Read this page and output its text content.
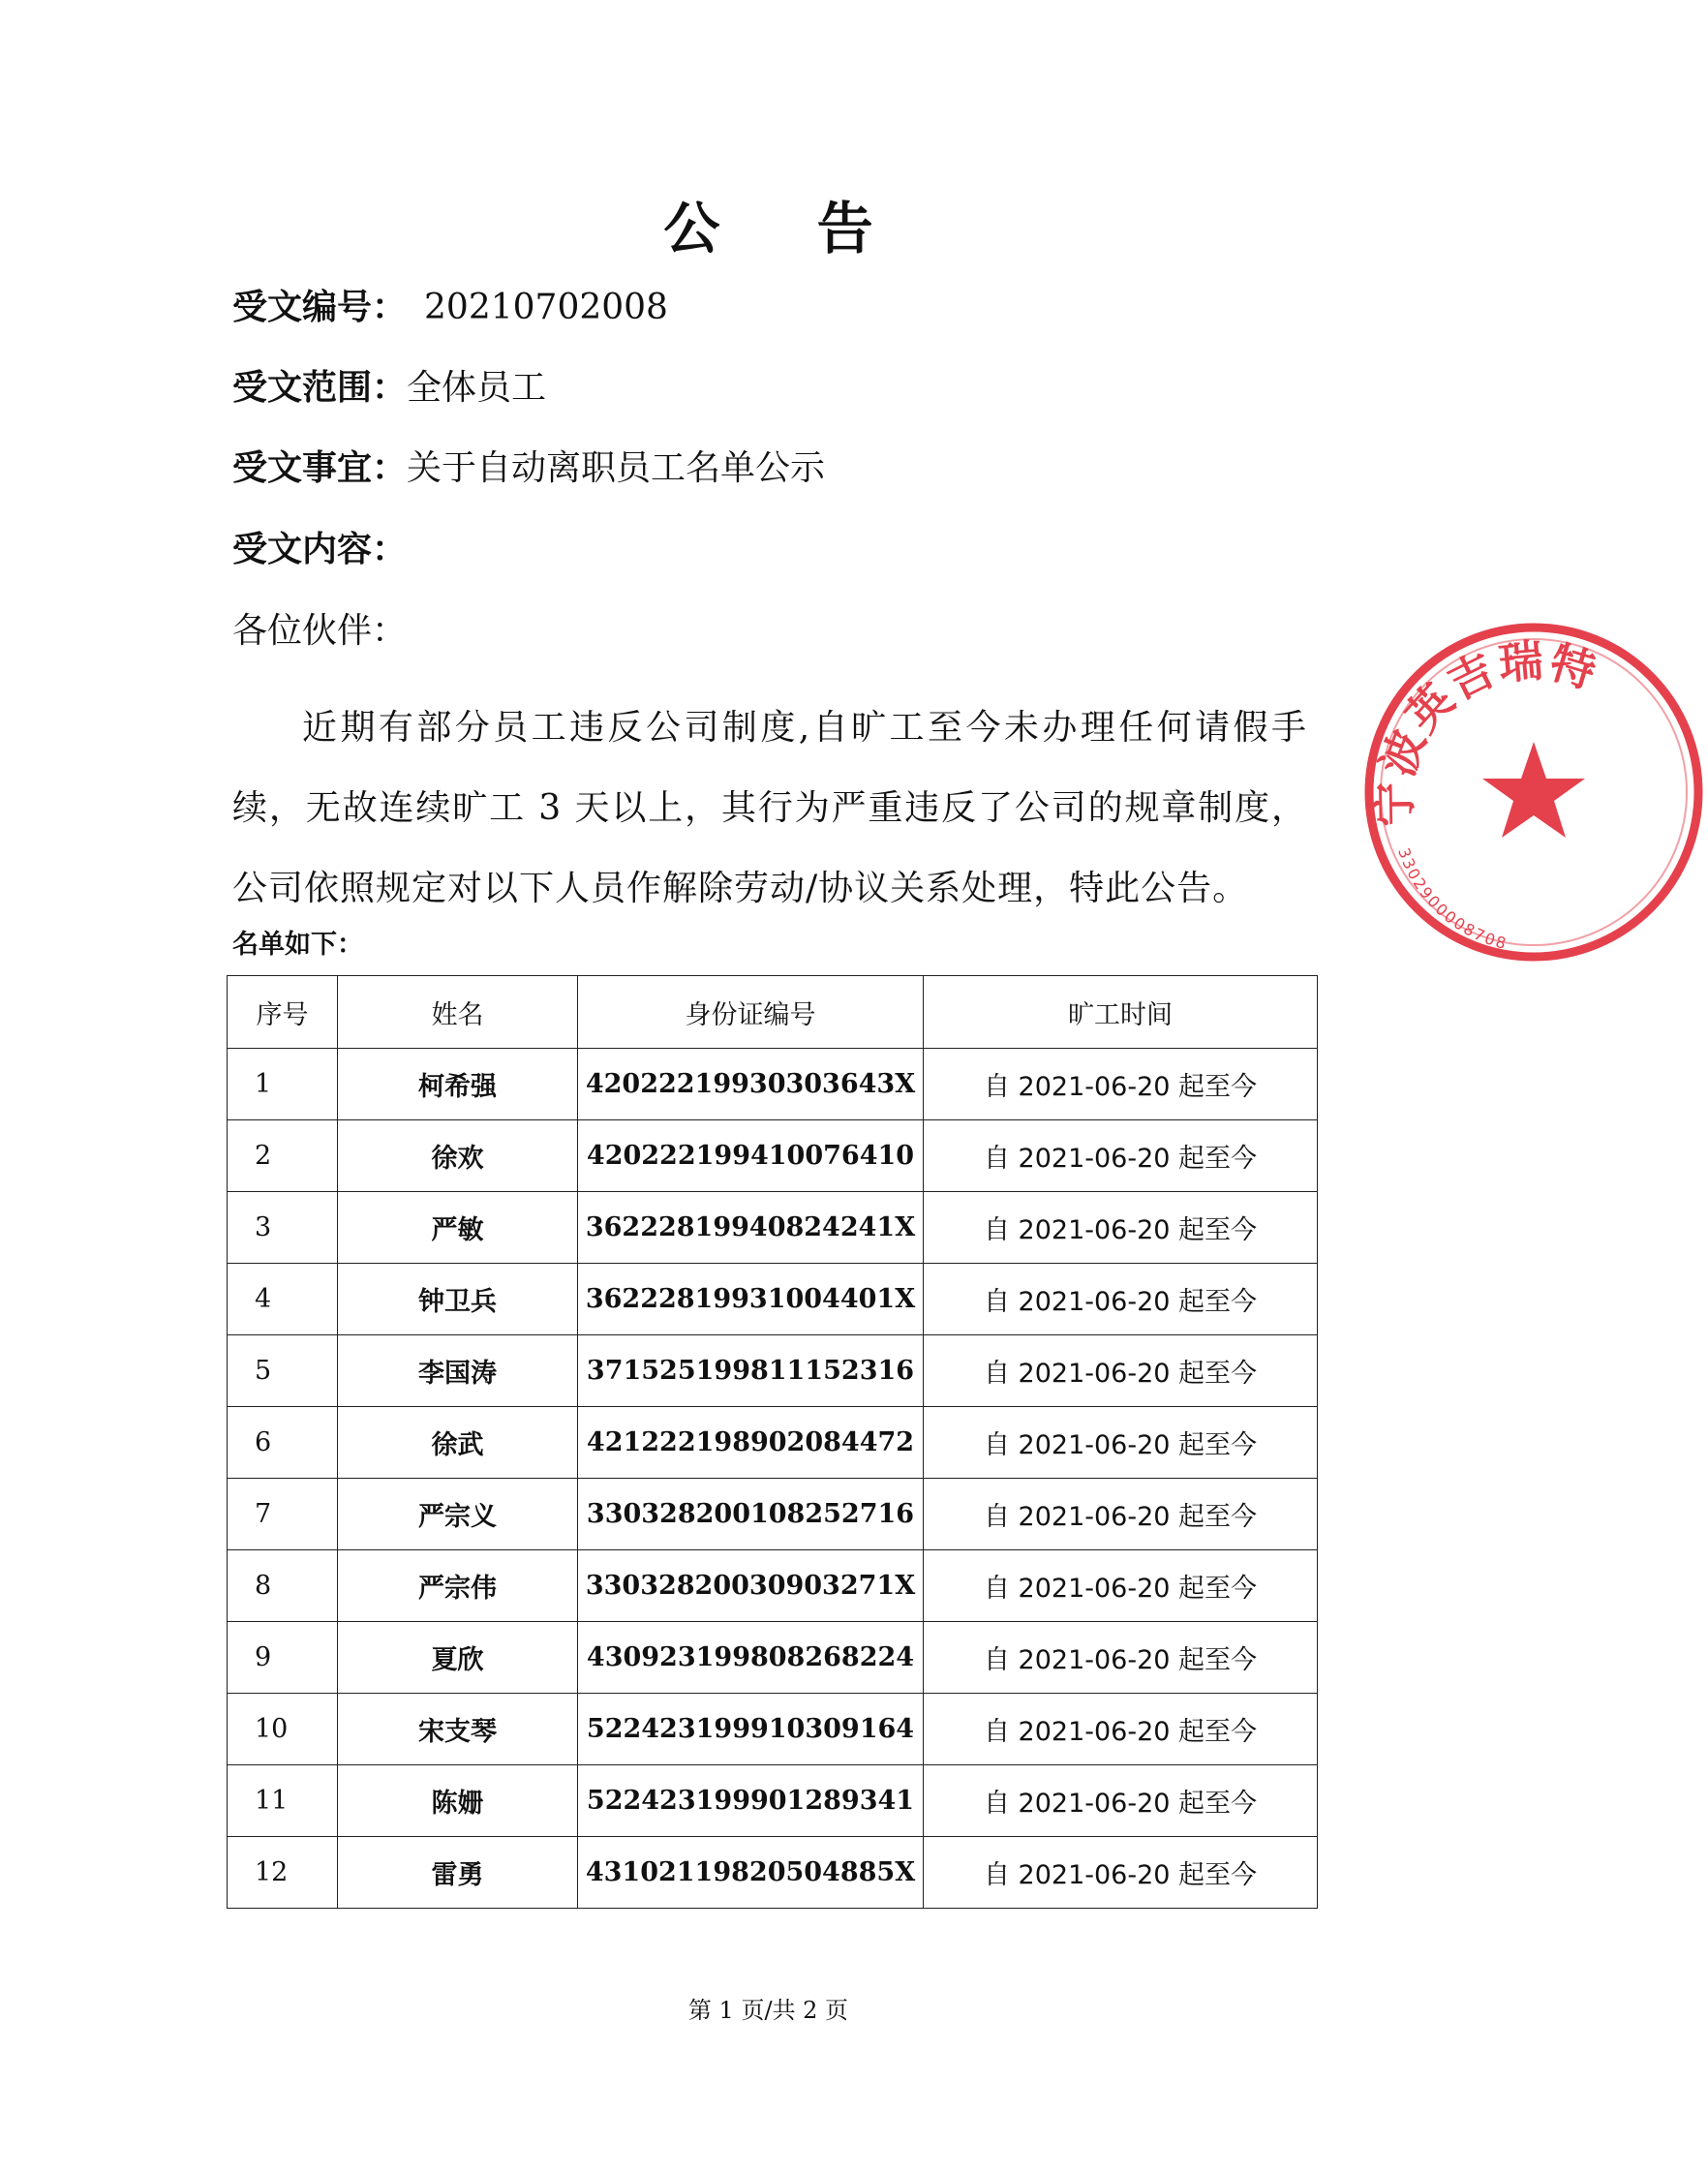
公 告
受文编号： 20210702008
受文范围：全体员工
受文事宜：关于自动离职员工名单公示
受文内容：
各位伙伴：
近期有部分员工违反公司制度,自旷工至今未办理任何请假手续，无故连续旷工 3 天以上，其行为严重违反了公司的规章制度，公司依照规定对以下人员作解除劳动/协议关系处理，特此公告。
名单如下：
序号	姓名	身份证编号	旷工时间
1	柯希强	42022219930303643X	自 2021-06-20 起至今
2	徐欢	420222199410076410	自 2021-06-20 起至今
3	严敏	36222819940824241X	自 2021-06-20 起至今
4	钟卫兵	36222819931004401X	自 2021-06-20 起至今
5	李国涛	371525199811152316	自 2021-06-20 起至今
6	徐武	421222198902084472	自 2021-06-20 起至今
7	严宗义	330328200108252716	自 2021-06-20 起至今
8	严宗伟	33032820030903271X	自 2021-06-20 起至今
9	夏欣	430923199808268224	自 2021-06-20 起至今
10	宋支琴	522423199910309164	自 2021-06-20 起至今
11	陈姗	522423199901289341	自 2021-06-20 起至今
12	雷勇	43102119820504885X	自 2021-06-20 起至今
第 1 页/共 2 页
宁波英吉瑞特
3302900008708
